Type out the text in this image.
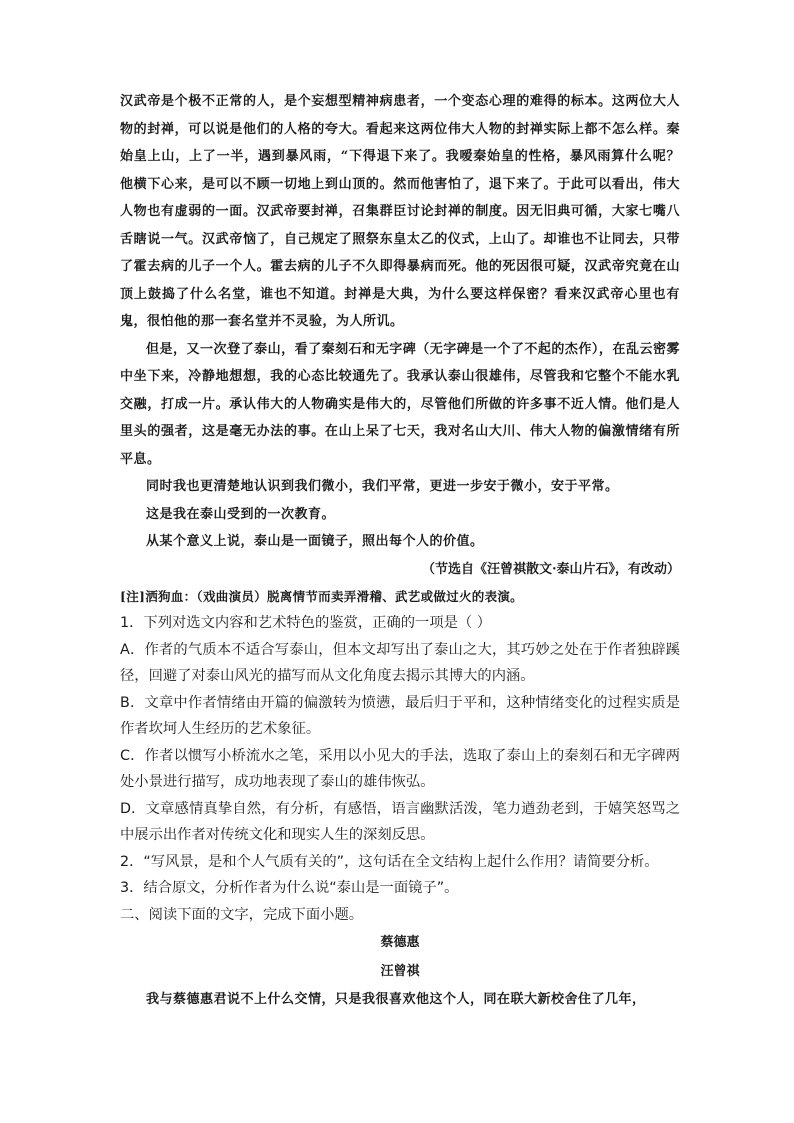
汉武帝是个极不正常的人，是个妄想型精神病患者，一个变态心理的难得的标本。这两位大人物的封禅，可以说是他们的人格的夸大。看起来这两位伟大人物的封禅实际上都不怎么样。秦始皇上山，上了一半，遇到暴风雨，“下得退下来了。我嗳秦始皇的性格，暴风雨算什么呢？他横下心来，是可以不顾一切地上到山顶的。然而他害怕了，退下来了。于此可以看出，伟大人物也有虚弱的一面。汉武帝要封禅，召集群臣讨论封禅的制度。因无旧典可循，大家七嘴八舌瞎说一气。汉武帝恼了，自己规定了照祭东皇太乙的仪式，上山了。却谁也不让同去，只带了霍去病的儿子一个人。霍去病的儿子不久即得暴病而死。他的死因很可疑，汉武帝究竟在山顶上鼓捣了什么名堂，谁也不知道。封禅是大典，为什么要这样保密？看来汉武帝心里也有鬼，很怕他的那一套名堂并不灵验，为人所讥。

但是，又一次登了泰山，看了秦刻石和无字碑（无字碑是一个了不起的杰作），在乱云密雾中坐下来，冷静地想想，我的心态比较通先了。我承认泰山很雄伟，尽管我和它整个不能水乳交融，打成一片。承认伟大的人物确实是伟大的，尽管他们所做的许多事不近人情。他们是人里头的强者，这是毫无办法的事。在山上呆了七天，我对名山大川、伟大人物的偏激情绪有所平息。

同时我也更清楚地认识到我们微小，我们平常，更进一步安于微小，安于平常。

这是我在泰山受到的一次教育。

从某个意义上说，泰山是一面镜子，照出每个人的价值。

（节选自《汪曾祺散文·泰山片石》，有改动）

[注]洒狗血：（戏曲演员）脱离情节而卖弄滑稽、武艺或做过火的表演。

1．下列对选文内容和艺术特色的鉴赏，正确的一项是（ ）

A．作者的气质本不适合写泰山，但本文却写出了泰山之大，其巧妙之处在于作者独辟蹊径，回避了对泰山风光的描写而从文化角度去揭示其博大的内涵。

B．文章中作者情绪由开篇的偏激转为愤懑，最后归于平和，这种情绪变化的过程实质是作者坎坷人生经历的艺术象征。

C．作者以惯写小桥流水之笔，采用以小见大的手法，选取了泰山上的秦刻石和无字碑两处小景进行描写，成功地表现了泰山的雄伟恢弘。

D．文章感情真挚自然，有分析，有感悟，语言幽默活泼，笔力遒劲老到，于嬉笑怒骂之中展示出作者对传统文化和现实人生的深刻反思。

2．“写风景，是和个人气质有关的”，这句话在全文结构上起什么作用？请简要分析。

3．结合原文，分析作者为什么说“泰山是一面镜子”。

二、阅读下面的文字，完成下面小题。

蔡德惠

汪曾祺

我与蔡德惠君说不上什么交情，只是我很喜欢他这个人，同在联大新校舍住了几年，
